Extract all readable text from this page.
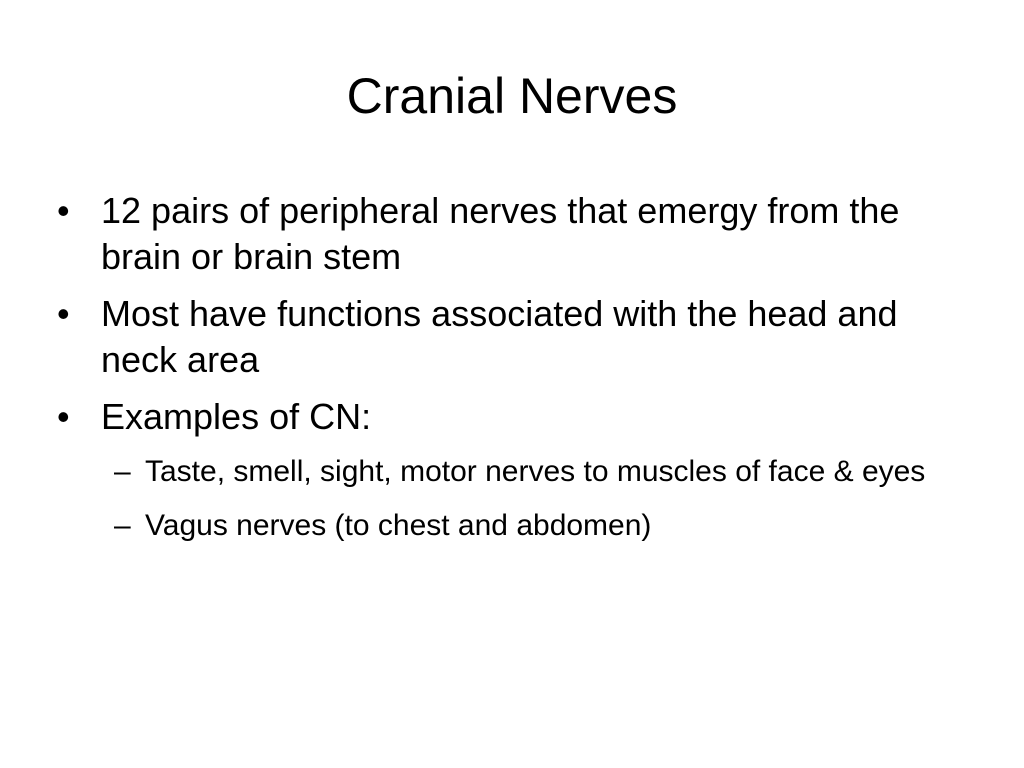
Cranial Nerves
• 12 pairs of peripheral nerves that emergy from the brain or brain stem
• Most have functions associated with the head and neck area
• Examples of CN:
– Taste, smell, sight, motor nerves to muscles of face & eyes
– Vagus nerves (to chest and abdomen)
